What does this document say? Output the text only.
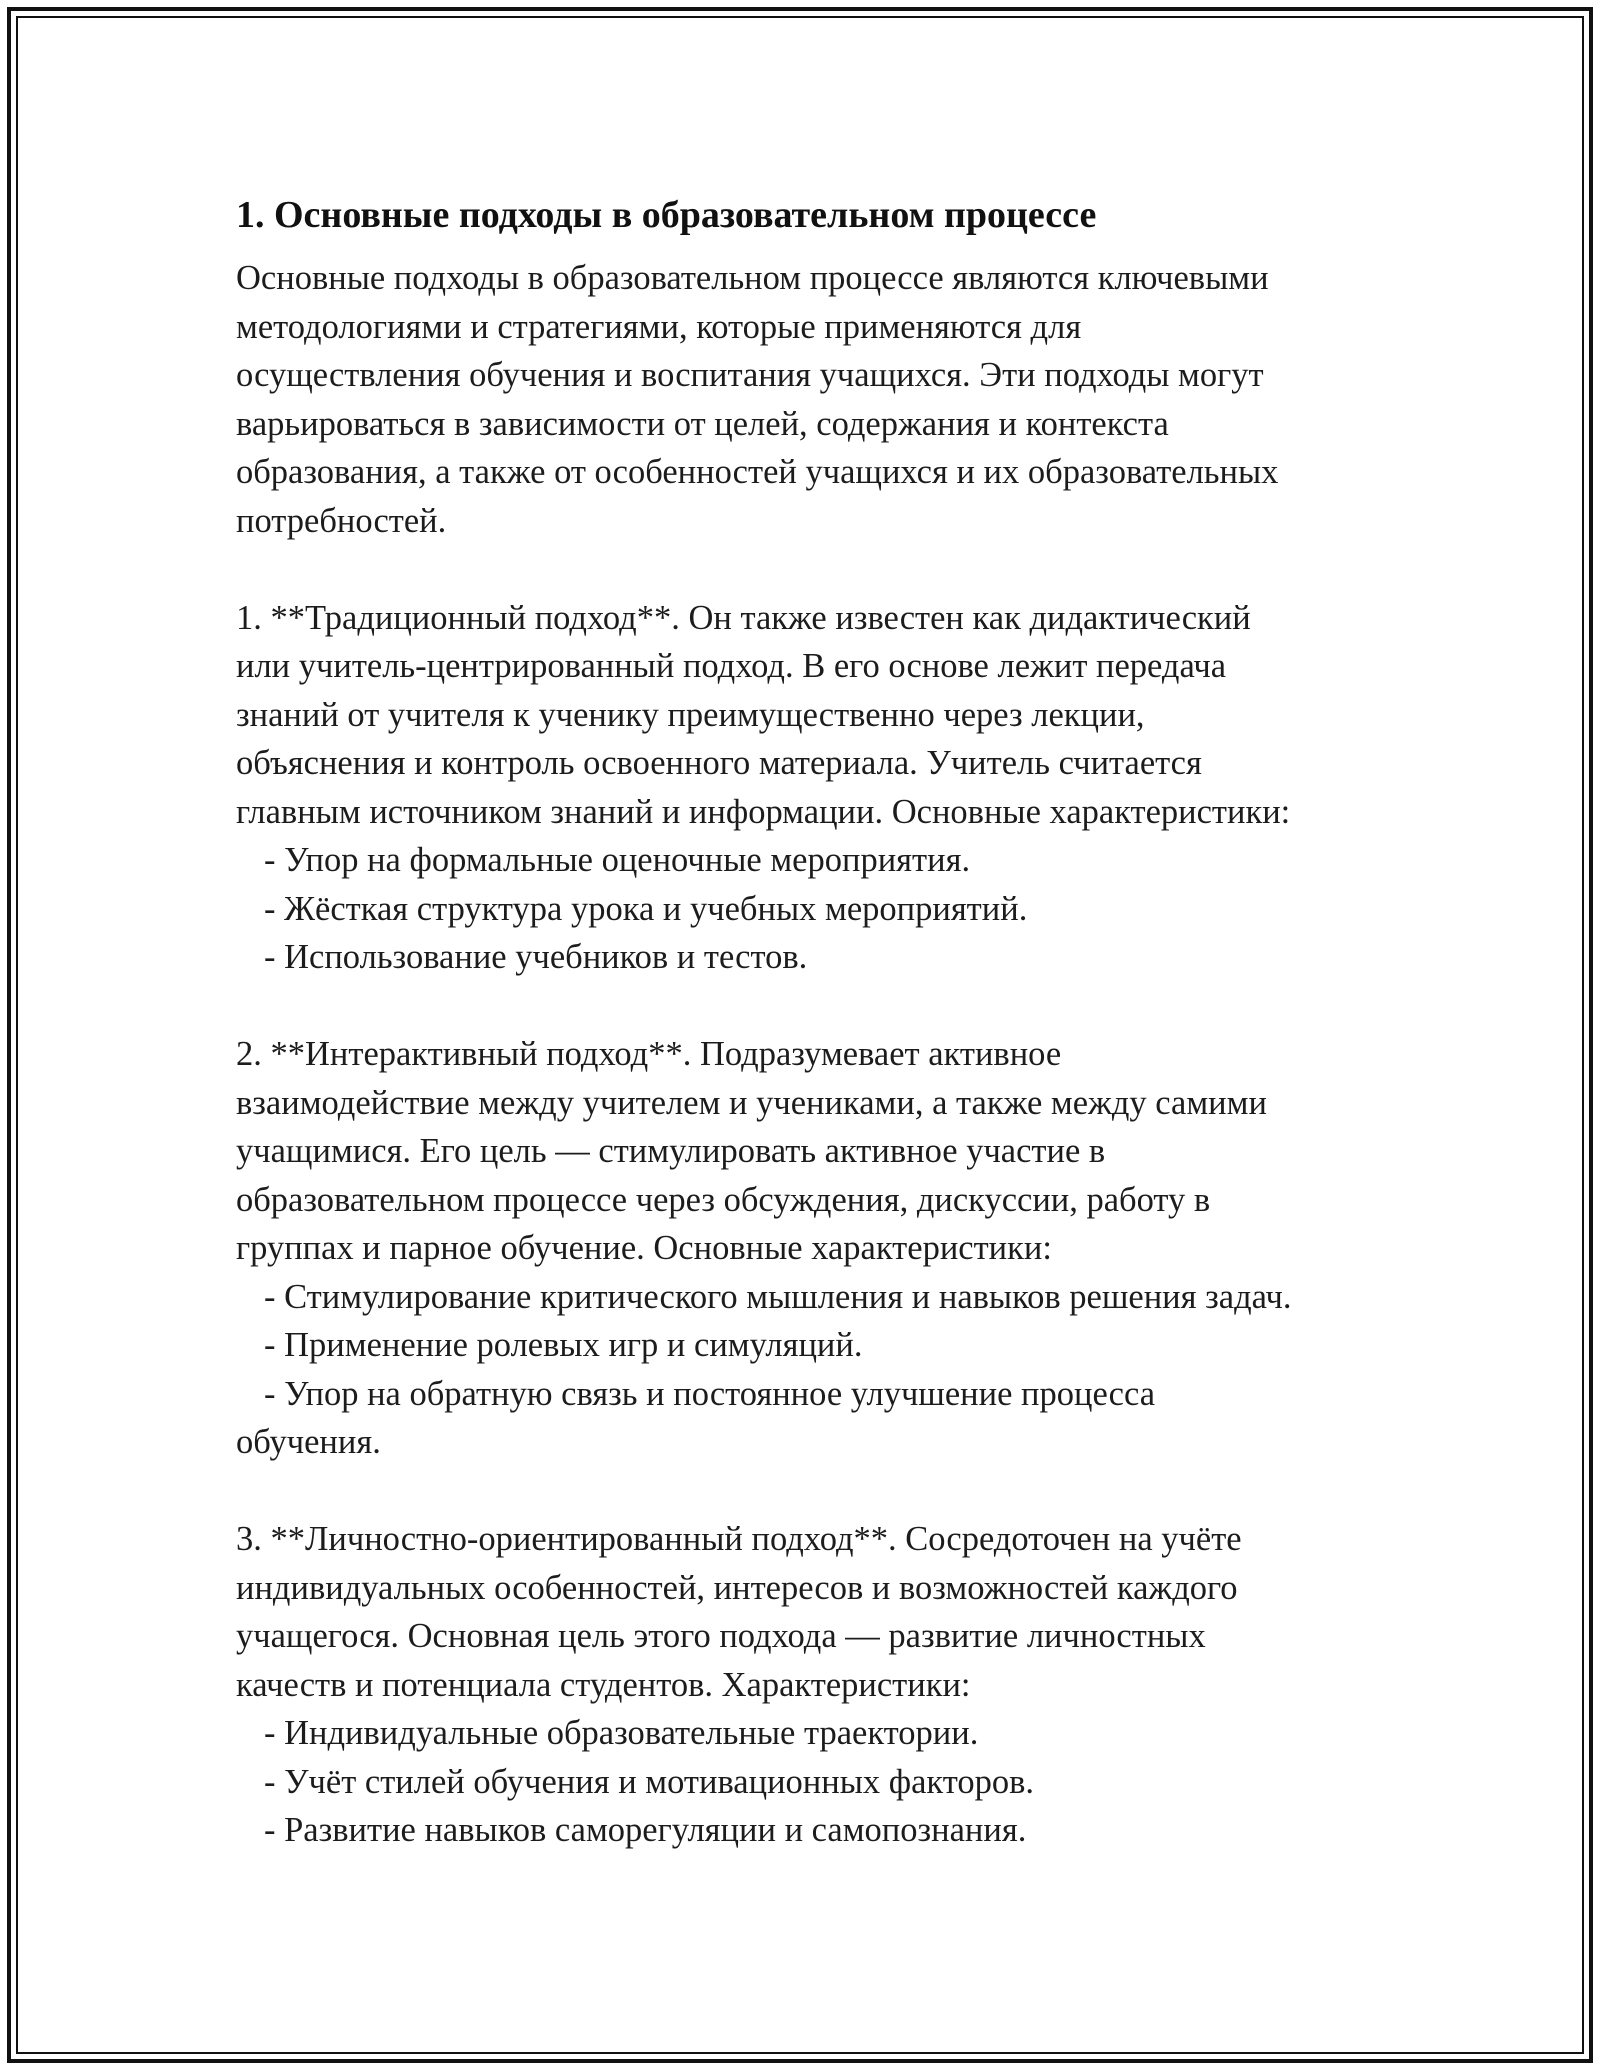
1. Основные подходы в образовательном процессе

Основные подходы в образовательном процессе являются ключевыми

методологиями и стратегиями, которые применяются для

осуществления обучения и воспитания учащихся. Эти подходы могут

варьироваться в зависимости от целей, содержания и контекста

образования, а также от особенностей учащихся и их образовательных

потребностей.

1. **Традиционный подход**. Он также известен как дидактический

или учитель-центрированный подход. В его основе лежит передача

знаний от учителя к ученику преимущественно через лекции,

объяснения и контроль освоенного материала. Учитель считается

главным источником знаний и информации. Основные характеристики:

- Упор на формальные оценочные мероприятия.

- Жёсткая структура урока и учебных мероприятий.

- Использование учебников и тестов.

2. **Интерактивный подход**. Подразумевает активное

взаимодействие между учителем и учениками, а также между самими

учащимися. Его цель — стимулировать активное участие в

образовательном процессе через обсуждения, дискуссии, работу в

группах и парное обучение. Основные характеристики:

- Стимулирование критического мышления и навыков решения задач.

- Применение ролевых игр и симуляций.

- Упор на обратную связь и постоянное улучшение процесса

обучения.

3. **Личностно-ориентированный подход**. Сосредоточен на учёте

индивидуальных особенностей, интересов и возможностей каждого

учащегося. Основная цель этого подхода — развитие личностных

качеств и потенциала студентов. Характеристики:

- Индивидуальные образовательные траектории.

- Учёт стилей обучения и мотивационных факторов.

- Развитие навыков саморегуляции и самопознания.
